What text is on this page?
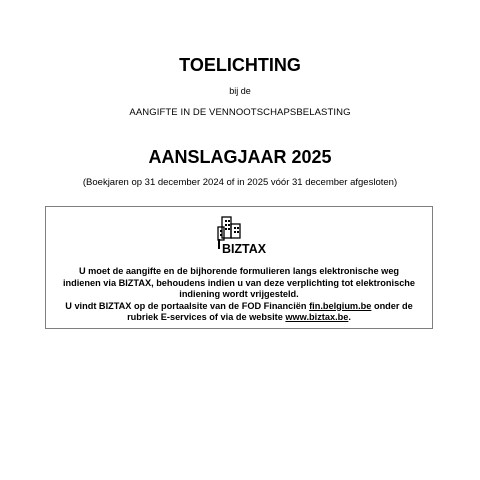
TOELICHTING
bij de
AANGIFTE IN DE VENNOOTSCHAPSBELASTING
AANSLAGJAAR 2025
(Boekjaren op 31 december 2024 of in 2025 vóór 31 december afgesloten)
BIZTAX
U moet de aangifte en de bijhorende formulieren langs elektronische weg
indienen via BIZTAX, behoudens indien u van deze verplichting tot elektronische
indiening wordt vrijgesteld.
U vindt BIZTAX op de portaalsite van de FOD Financiën fin.belgium.be onder de
rubriek E-services of via de website www.biztax.be.
